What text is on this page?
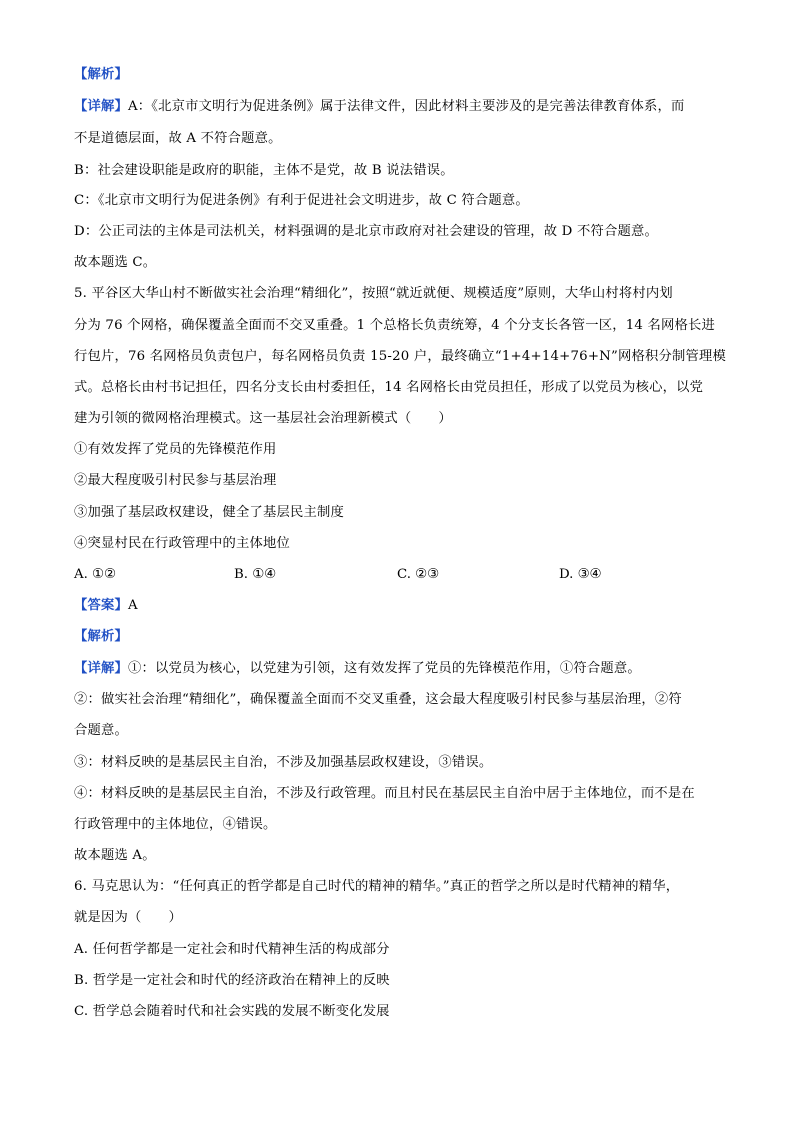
【解析】
【详解】A：《北京市文明行为促进条例》属于法律文件，因此材料主要涉及的是完善法律教育体系，而
不是道德层面，故 A 不符合题意。
B：社会建设职能是政府的职能，主体不是党，故 B 说法错误。
C：《北京市文明行为促进条例》有利于促进社会文明进步，故 C 符合题意。
D：公正司法的主体是司法机关，材料强调的是北京市政府对社会建设的管理，故 D 不符合题意。
故本题选 C。
5. 平谷区大华山村不断做实社会治理“精细化”，按照“就近就便、规模适度”原则，大华山村将村内划
分为 76 个网格，确保覆盖全面而不交叉重叠。1 个总格长负责统筹，4 个分支长各管一区，14 名网格长进
行包片，76 名网格员负责包户，每名网格员负责 15-20 户，最终确立“1+4+14+76+N”网格积分制管理模
式。总格长由村书记担任，四名分支长由村委担任，14 名网格长由党员担任，形成了以党员为核心，以党
建为引领的微网格治理模式。这一基层社会治理新模式（　　）
①有效发挥了党员的先锋模范作用
②最大程度吸引村民参与基层治理
③加强了基层政权建设，健全了基层民主制度
④突显村民在行政管理中的主体地位
A. ①②	B. ①④	C. ②③	D. ③④
【答案】A
【解析】
【详解】①：以党员为核心，以党建为引领，这有效发挥了党员的先锋模范作用，①符合题意。
②：做实社会治理“精细化”，确保覆盖全面而不交叉重叠，这会最大程度吸引村民参与基层治理，②符
合题意。
③：材料反映的是基层民主自治，不涉及加强基层政权建设，③错误。
④：材料反映的是基层民主自治，不涉及行政管理。而且村民在基层民主自治中居于主体地位，而不是在
行政管理中的主体地位，④错误。
故本题选 A。
6. 马克思认为：“任何真正的哲学都是自己时代的精神的精华。”真正的哲学之所以是时代精神的精华，
就是因为（　　）
A. 任何哲学都是一定社会和时代精神生活的构成部分
B. 哲学是一定社会和时代的经济政治在精神上的反映
C. 哲学总会随着时代和社会实践的发展不断变化发展
